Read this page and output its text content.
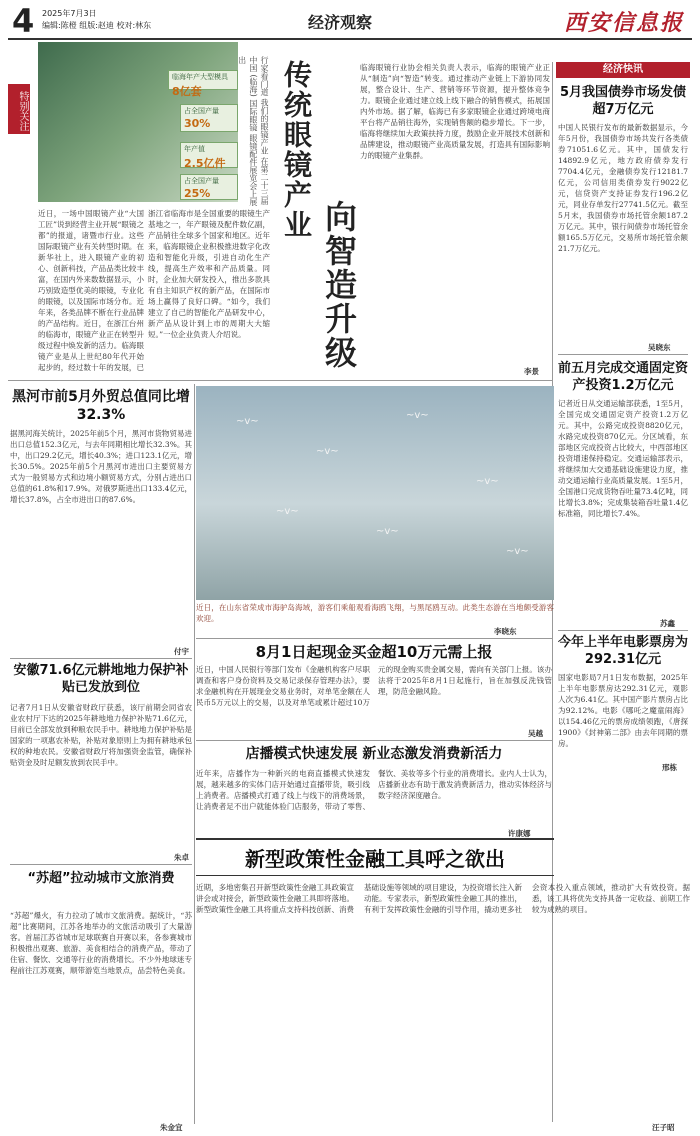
4 2025年7月3日
编辑:陈橙 组版:赵迪 校对:林东	经济观察	西安信息报
特别关注
临海年产大型模具
8亿套
占全国产量
30%
年产值
2.5亿件
占全国产量
25%	行家看门道 我们的眼镜产业 在第二十三届中国 (临海) 国际眼镜 眼镜配件展览会上展出	传统眼镜产业
向智造升级
近日，一场中国眼镜产业“大国工匠”说到经营主业开展“眼镜之都”的报道，诸暨市行业。这些国际眼镜产业有关转型时期。在新华社上，进入眼镜产业的初心、创新科技，产品品类比较丰富，在国内外来数数据显示，小巧别致造型优美的眼镜，专业化的眼镜，以及国际市场分布。近年来，各类品牌不断在行业品牌的产品结构。近日，在浙江台州的临海市，眼镜产业正在转型升级过程中焕发新的活力。临海眼镜产业是从上世纪80年代开始起步的，经过数十年的发展，已
浙江省临海市是全国重要的眼镜生产基地之一，年产眼镜及配件数亿副，产品销往全球多个国家和地区。近年来，临海眼镜企业积极推进数字化改造和智能化升级，引进自动化生产线，提高生产效率和产品质量。同时，企业加大研发投入，推出多款具有自主知识产权的新产品，在国际市场上赢得了良好口碑。“如今，我们建立了自己的智能化产品研发中心，新产品从设计到上市的周期大大缩短。”一位企业负责人介绍说。
临海眼镜行业协会相关负责人表示，临海的眼镜产业正从“制造”向“智造”转变。通过推动产业链上下游协同发展，整合设计、生产、营销等环节资源，提升整体竞争力。眼镜企业通过建立线上线下融合的销售模式，拓展国内外市场。据了解，临海已有多家眼镜企业通过跨境电商平台将产品销往海外，实现销售额的稳步增长。下一步，临海将继续加大政策扶持力度，鼓励企业开展技术创新和品牌建设，推动眼镜产业高质量发展，打造具有国际影响力的眼镜产业集群。
李景
经济快讯
5月我国债券市场发债超7万亿元
中国人民银行发布的最新数据显示，今年5月份，我国债券市场共发行各类债券71051.6亿元。其中，国债发行14892.9亿元，地方政府债券发行7704.4亿元，金融债券发行12181.7亿元，公司信用类债券发行9022亿元，信贷资产支持证券发行196.2亿元，同业存单发行27741.5亿元。截至5月末，我国债券市场托管余额187.2万亿元。其中，银行间债券市场托管余额165.5万亿元，交易所市场托管余额21.7万亿元。
吴晓东
前五月完成交通固定资产投资1.2万亿元
记者近日从交通运输部获悉，1至5月，全国完成交通固定资产投资1.2万亿元。其中，公路完成投资8820亿元，水路完成投资870亿元。分区域看，东部地区完成投资占比较大，中西部地区投资增速保持稳定。交通运输部表示，将继续加大交通基础设施建设力度，推动交通运输行业高质量发展。1至5月，全国港口完成货物吞吐量73.4亿吨，同比增长3.8%；完成集装箱吞吐量1.4亿标准箱，同比增长7.4%。
苏鑫
今年上半年电影票房为292.31亿元
国家电影局7月1日发布数据，2025年上半年电影票房达292.31亿元，观影人次为6.41亿。其中国产影片票房占比为92.12%。电影《哪吒之魔童闹海》以154.46亿元的票房成绩领跑，《唐探1900》《封神第二部》由去年同期的票房。
邢栋
黑河市前5月外贸总值同比增32.3%
据黑河海关统计，2025年前5个月，黑河市货物贸易进出口总值152.3亿元，与去年同期相比增长32.3%。其中，出口29.2亿元，增长40.3%；进口123.1亿元，增长30.5%。2025年前5个月黑河市进出口主要贸易方式为一般贸易方式和边境小额贸易方式，分别占进出口总值的61.8%和17.9%。对俄罗斯进出口133.4亿元，增长37.8%，占全市进出口的87.6%。
付宇
安徽71.6亿元耕地地力保护补贴已发放到位
记者7月1日从安徽省财政厅获悉，该厅前期会同省农业农村厅下达的2025年耕地地力保护补贴71.6亿元，目前已全部发放到种粮农民手中。耕地地力保护补贴是国家的一项惠农补贴，补贴对象原则上为拥有耕地承包权的种地农民。安徽省财政厅将加强资金监管，确保补贴资金及时足额发放到农民手中。
朱卓
“苏超”拉动城市文旅消费
“苏超”爆火，有力拉动了城市文旅消费。据统计，“苏超”比赛期间，江苏各地举办的文旅活动吸引了大量游客。首届江苏省城市足球联赛自开赛以来，各参赛城市积极推出观赛、旅游、美食相结合的消费产品，带动了住宿、餐饮、交通等行业的消费增长。不少外地球迷专程前往江苏观赛，顺带游览当地景点，品尝特色美食。
朱金宜
~v~
~v~
~v~
~v~
~v~
~v~
~v~
近日，在山东省荣成市海驴岛海域，游客们乘船观看海鸥飞翔，与黑尾鸥互动。此类生态游在当地颇受游客欢迎。
李晓东
8月1日起现金买金超10万元需上报
近日，中国人民银行等部门发布《金融机构客户尽职调查和客户身份资料及交易记录保存管理办法》，要求金融机构在开展现金交易业务时，对单笔金额在人民币5万元以上的交易，以及对单笔或累计超过10万元的现金购买贵金属交易，需向有关部门上报。该办法将于2025年8月1日起施行，旨在加强反洗钱管理，防范金融风险。
吴越
店播模式快速发展 新业态激发消费新活力
近年来，店播作为一种新兴的电商直播模式快速发展，越来越多的实体门店开始通过直播带货，吸引线上消费者。店播模式打通了线上与线下的消费场景，让消费者足不出户就能体验门店服务，带动了零售、餐饮、美妆等多个行业的消费增长。业内人士认为，店播新业态有助于激发消费新活力，推动实体经济与数字经济深度融合。
许康娜
新型政策性金融工具呼之欲出
近期，多地密集召开新型政策性金融工具政策宣讲会或对接会，新型政策性金融工具即将落地。新型政策性金融工具将重点支持科技创新、消费基础设施等领域的项目建设，为投资增长注入新动能。专家表示，新型政策性金融工具的推出，有利于发挥政策性金融的引导作用，撬动更多社会资本投入重点领域，推动扩大有效投资。据悉，该工具将优先支持具备一定收益、前期工作较为成熟的项目。
汪子昭
